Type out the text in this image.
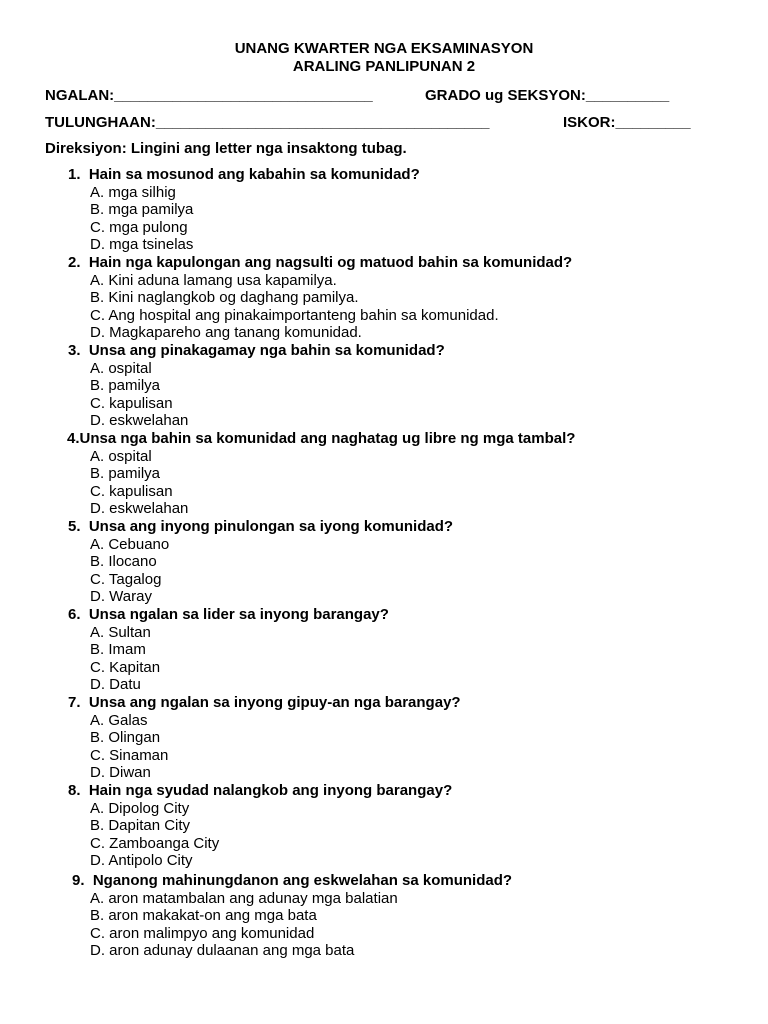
UNANG KWARTER NGA EKSAMINASYON
ARALING PANLIPUNAN 2
NGALAN:_______________________________	GRADO ug SEKSYON:__________
TULUNGHAAN:________________________________________	ISKOR:_________
Direksiyon: Lingini ang letter nga insaktong tubag.
1.  Hain sa mosunod ang kabahin sa komunidad?
A. mga silhig
B. mga pamilya
C. mga pulong
D. mga tsinelas
2.  Hain nga kapulongan ang nagsulti og matuod bahin sa komunidad?
A. Kini aduna lamang usa kapamilya.
B. Kini naglangkob og daghang pamilya.
C. Ang hospital ang pinakaimportanteng bahin sa komunidad.
D. Magkapareho ang tanang komunidad.
3.  Unsa ang pinakagamay nga bahin sa komunidad?
A. ospital
B. pamilya
C. kapulisan
D. eskwelahan
4.Unsa nga bahin sa komunidad ang naghatag ug libre ng mga tambal?
A. ospital
B. pamilya
C. kapulisan
D. eskwelahan
5.  Unsa ang inyong pinulongan sa iyong komunidad?
A. Cebuano
B. Ilocano
C. Tagalog
D. Waray
6.  Unsa ngalan sa lider sa inyong barangay?
A. Sultan
B. Imam
C. Kapitan
D. Datu
7.  Unsa ang ngalan sa inyong gipuy-an nga barangay?
A. Galas
B. Olingan
C. Sinaman
D. Diwan
8.  Hain nga syudad nalangkob ang inyong barangay?
A. Dipolog City
B. Dapitan City
C. Zamboanga City
D. Antipolo City
9.  Nganong mahinungdanon ang eskwelahan sa komunidad?
A. aron matambalan ang adunay mga balatian
B. aron makakat-on ang mga bata
C. aron malimpyo ang komunidad
D. aron adunay dulaanan ang mga bata
